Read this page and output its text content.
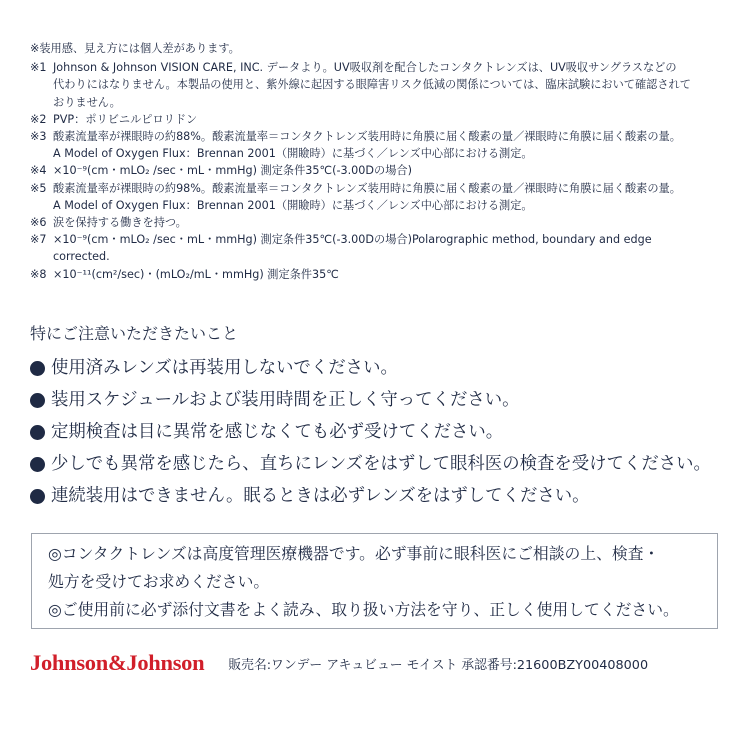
※装用感、見え方には個人差があります。
※1 Johnson & Johnson VISION CARE, INC. データより。UV吸収剤を配合したコンタクトレンズは、UV吸収サングラスなどの
代わりにはなりません。本製品の使用と、紫外線に起因する眼障害リスク低減の関係については、臨床試験において確認されて
おりません。
※2 PVP：ポリビニルピロリドン
※3 酸素流量率が裸眼時の約88%。酸素流量率＝コンタクトレンズ装用時に角膜に届く酸素の量／裸眼時に角膜に届く酸素の量。
A Model of Oxygen Flux：Brennan 2001（開瞼時）に基づく／レンズ中心部における測定。
※4 ×10⁻⁹(cm・mLO₂ /sec・mL・mmHg) 測定条件35℃(-3.00Dの場合)
※5 酸素流量率が裸眼時の約98%。酸素流量率＝コンタクトレンズ装用時に角膜に届く酸素の量／裸眼時に角膜に届く酸素の量。
A Model of Oxygen Flux：Brennan 2001（開瞼時）に基づく／レンズ中心部における測定。
※6 涙を保持する働きを持つ。
※7 ×10⁻⁹(cm・mLO₂ /sec・mL・mmHg) 測定条件35℃(-3.00Dの場合)Polarographic method, boundary and edge
corrected.
※8 ×10⁻¹¹(cm²/sec)・(mLO₂/mL・mmHg) 測定条件35℃
特にご注意いただきたいこと
使用済みレンズは再装用しないでください。
装用スケジュールおよび装用時間を正しく守ってください。
定期検査は目に異常を感じなくても必ず受けてください。
少しでも異常を感じたら、直ちにレンズをはずして眼科医の検査を受けてください。
連続装用はできません。眠るときは必ずレンズをはずしてください。
◎コンタクトレンズは高度管理医療機器です。必ず事前に眼科医にご相談の上、検査・
処方を受けてお求めください。
◎ご使用前に必ず添付文書をよく読み、取り扱い方法を守り、正しく使用してください。
Johnson&Johnson 販売名:ワンデー アキュビュー モイスト 承認番号:21600BZY00408000
